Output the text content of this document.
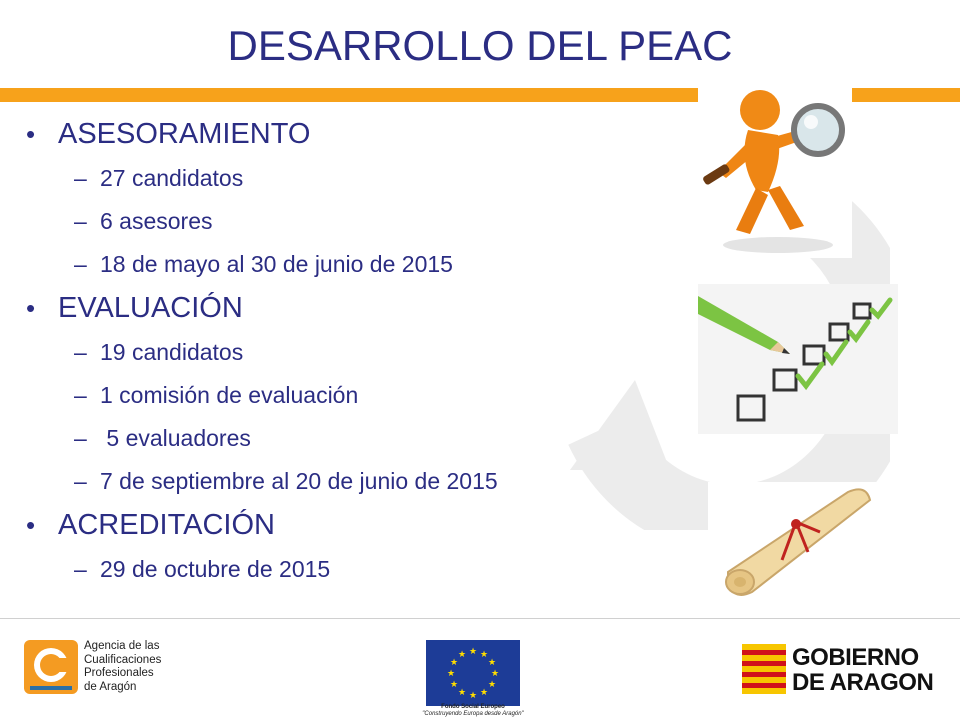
DESARROLLO DEL PEAC
• ASESORAMIENTO
– 27 candidatos
– 6 asesores
– 18 de mayo al 30 de junio de 2015
• EVALUACIÓN
– 19 candidatos
– 1 comisión de evaluación
– 5 evaluadores
– 7 de septiembre al 20 de junio de 2015
• ACREDITACIÓN
– 29 de octubre de 2015
Agencia de las
Cualificaciones
Profesionales
de Aragón
★ ★
★
★
★
★
★
★
★
★
★
★
Fondo Social Europeo
"Construyendo Europa desde Aragón"
GOBIERNO
DE ARAGON
